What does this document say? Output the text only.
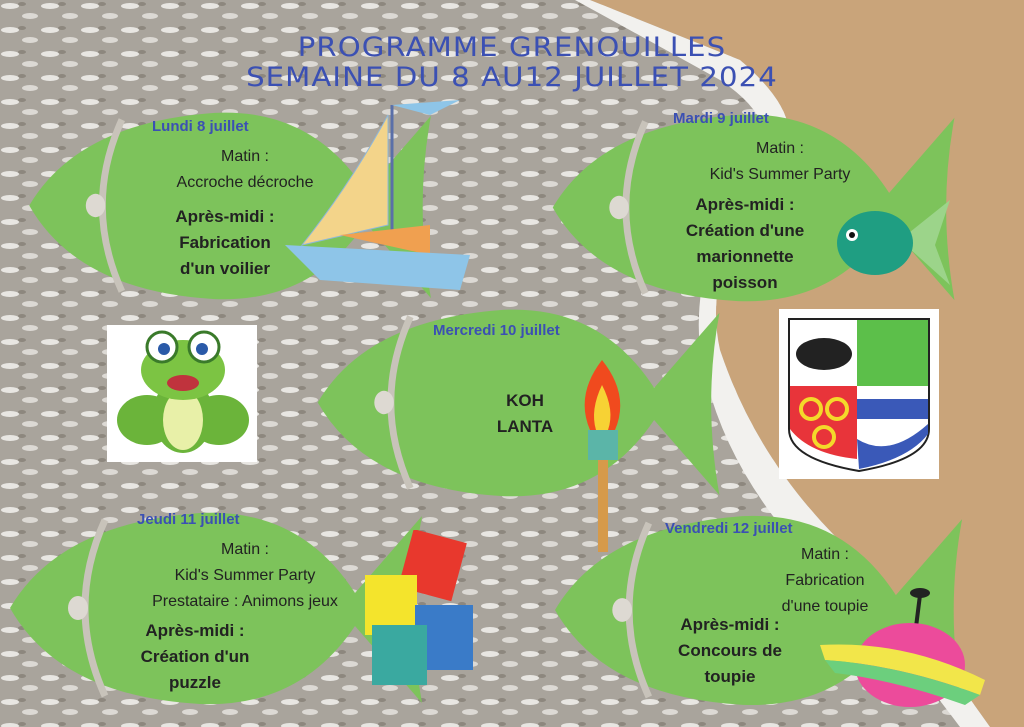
PROGRAMME GRENOUILLES
SEMAINE DU 8 AU12 JUILLET 2024
Lundi 8 juillet
Matin :
Accroche décroche
Après-midi :
Fabrication
d'un voilier
Mardi 9 juillet
Matin :
Kid's Summer Party
Après-midi :
Création d'une
marionnette
poisson
Mercredi 10 juillet
KOH
LANTA
Jeudi 11 juillet
Matin :
Kid's Summer Party
Prestataire : Animons jeux
Après-midi :
Création d'un
puzzle
Vendredi 12 juillet
Matin :
Fabrication
d'une toupie
Après-midi :
Concours de
toupie
